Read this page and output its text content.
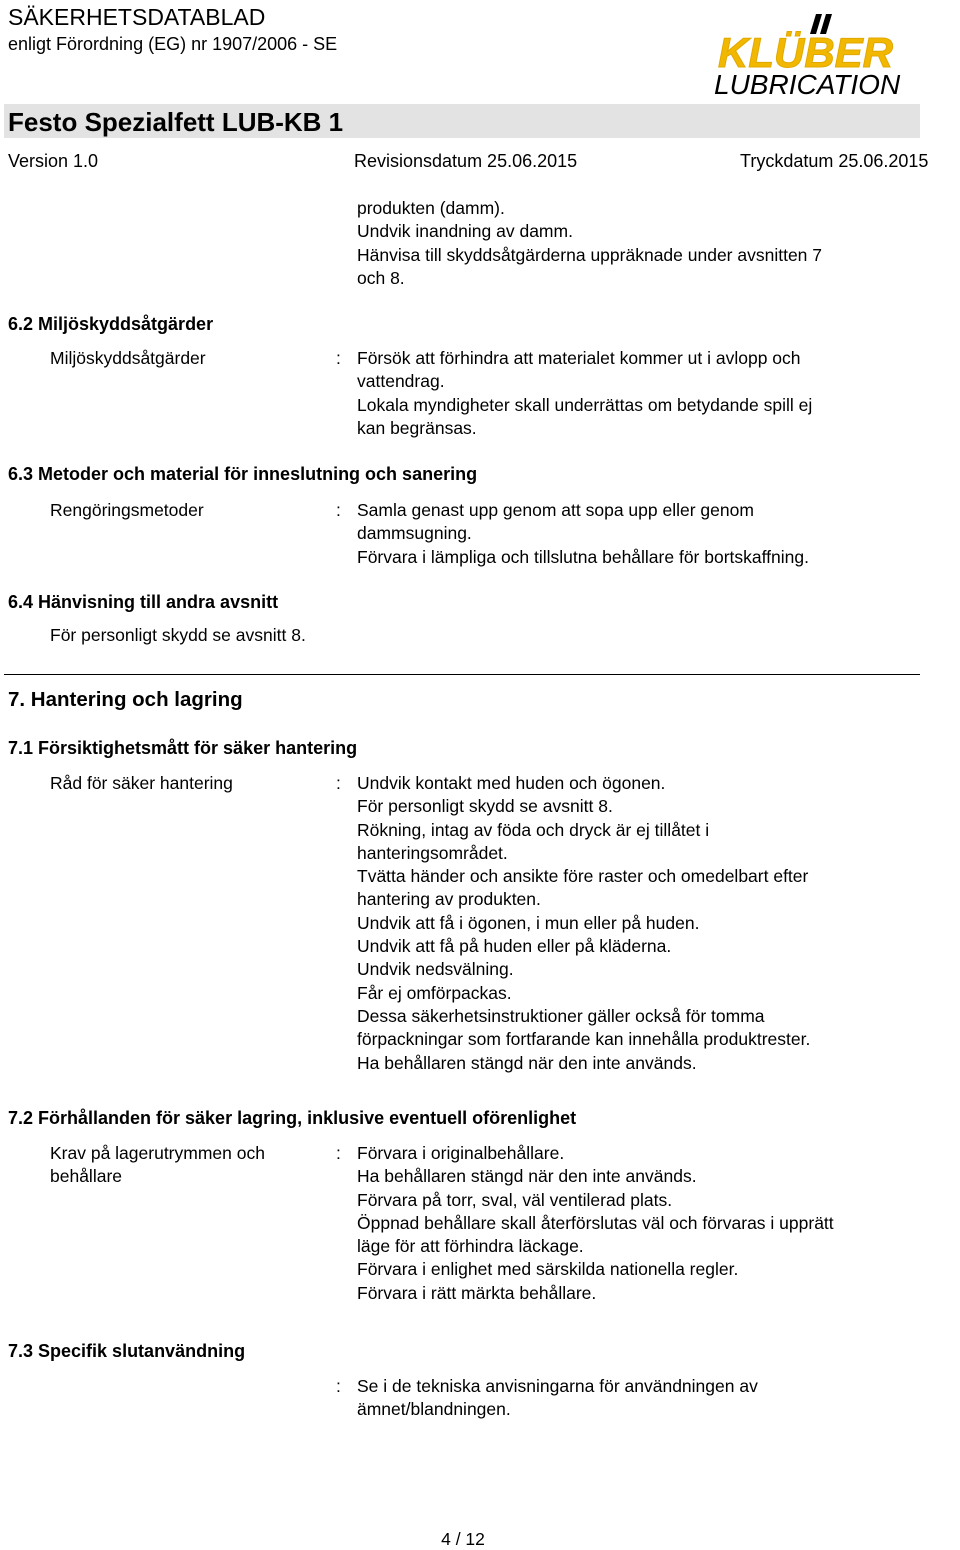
SÄKERHETSDATABLAD
enligt Förordning (EG) nr 1907/2006 - SE	KLÜBER
LUBRICATION
Festo Spezialfett LUB-KB 1
Version 1.0	Revisionsdatum 25.06.2015	Tryckdatum 25.06.2015
produkten (damm).
Undvik inandning av damm.
Hänvisa till skyddsåtgärderna uppräknade under avsnitten 7
och 8.
6.2 Miljöskyddsåtgärder
Miljöskyddsåtgärder	: Försök att förhindra att materialet kommer ut i avlopp och
vattendrag.
Lokala myndigheter skall underrättas om betydande spill ej
kan begränsas.
6.3 Metoder och material för inneslutning och sanering
Rengöringsmetoder	: Samla genast upp genom att sopa upp eller genom
dammsugning.
Förvara i lämpliga och tillslutna behållare för bortskaffning.
6.4 Hänvisning till andra avsnitt
För personligt skydd se avsnitt 8.
7. Hantering och lagring
7.1 Försiktighetsmått för säker hantering
Råd för säker hantering	: Undvik kontakt med huden och ögonen.
För personligt skydd se avsnitt 8.
Rökning, intag av föda och dryck är ej tillåtet i
hanteringsområdet.
Tvätta händer och ansikte före raster och omedelbart efter
hantering av produkten.
Undvik att få i ögonen, i mun eller på huden.
Undvik att få på huden eller på kläderna.
Undvik nedsvälning.
Får ej omförpackas.
Dessa säkerhetsinstruktioner gäller också för tomma
förpackningar som fortfarande kan innehålla produktrester.
Ha behållaren stängd när den inte används.
7.2 Förhållanden för säker lagring, inklusive eventuell oförenlighet
Krav på lagerutrymmen och
behållare
: Förvara i originalbehållare.
Ha behållaren stängd när den inte används.
Förvara på torr, sval, väl ventilerad plats.
Öppnad behållare skall återförslutas väl och förvaras i upprätt
läge för att förhindra läckage.
Förvara i enlighet med särskilda nationella regler.
Förvara i rätt märkta behållare.
7.3 Specifik slutanvändning
: Se i de tekniska anvisningarna för användningen av
ämnet/blandningen.
4 / 12
